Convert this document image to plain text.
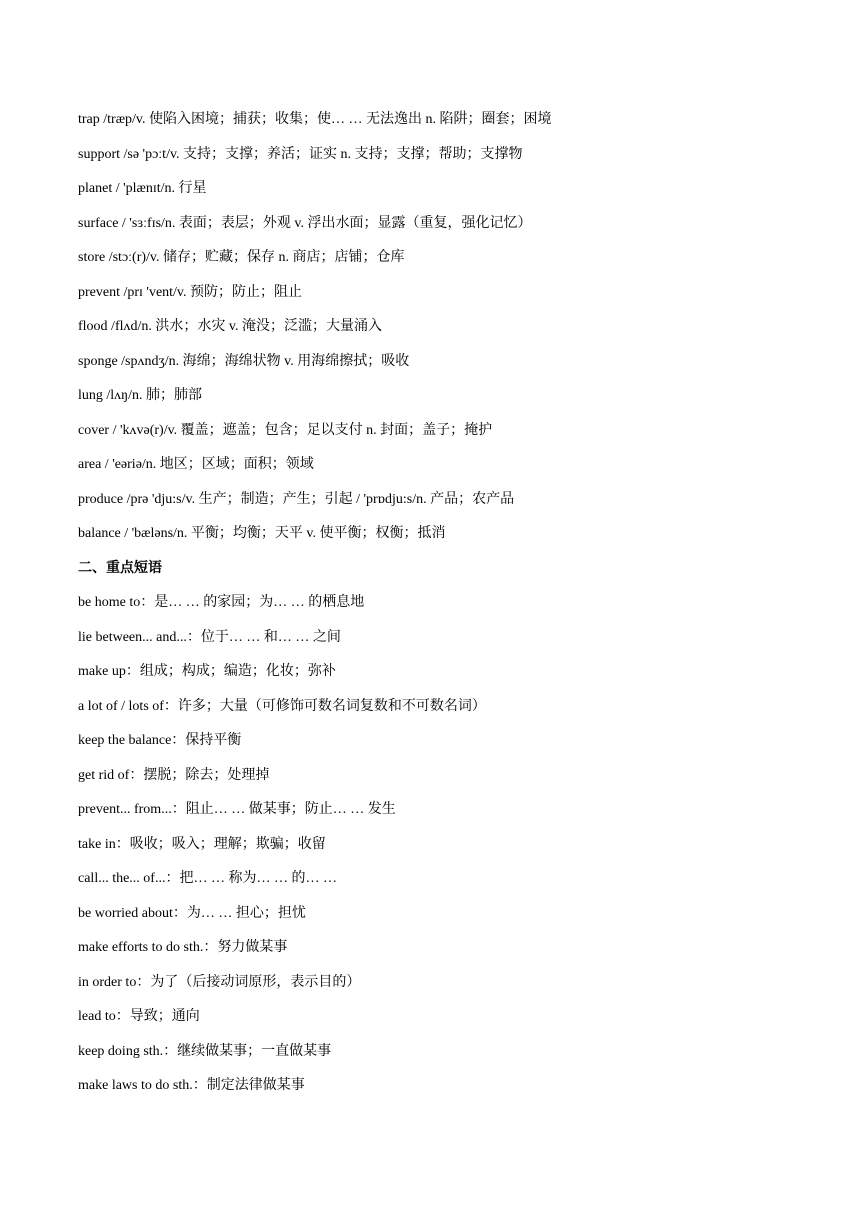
trap /træp/v. 使陷入困境；捕获；收集；使… … 无法逸出 n. 陷阱；圈套；困境
support /sə 'pɔːt/v. 支持；支撑；养活；证实 n. 支持；支撑；帮助；支撑物
planet / 'plænɪt/n. 行星
surface / 'sɜːfɪs/n. 表面；表层；外观 v. 浮出水面；显露（重复，强化记忆）
store /stɔː(r)/v. 储存；贮藏；保存 n. 商店；店铺；仓库
prevent /prɪ 'vent/v. 预防；防止；阻止
flood /flʌd/n. 洪水；水灾 v. 淹没；泛滥；大量涌入
sponge /spʌndʒ/n. 海绵；海绵状物 v. 用海绵擦拭；吸收
lung /lʌŋ/n. 肺；肺部
cover / 'kʌvə(r)/v. 覆盖；遮盖；包含；足以支付 n. 封面；盖子；掩护
area / 'eəriə/n. 地区；区域；面积；领域
produce /prə 'dju:s/v. 生产；制造；产生；引起 / 'prɒdju:s/n. 产品；农产品
balance / 'bæləns/n. 平衡；均衡；天平 v. 使平衡；权衡；抵消
二、重点短语
be home to：是… … 的家园；为… … 的栖息地
lie between... and...：位于… … 和… … 之间
make up：组成；构成；编造；化妆；弥补
a lot of / lots of：许多；大量（可修饰可数名词复数和不可数名词）
keep the balance：保持平衡
get rid of：摆脱；除去；处理掉
prevent... from...：阻止… … 做某事；防止… … 发生
take in：吸收；吸入；理解；欺骗；收留
call... the... of...：把… … 称为… … 的… …
be worried about：为… … 担心；担忧
make efforts to do sth.：努力做某事
in order to：为了（后接动词原形，表示目的）
lead to：导致；通向
keep doing sth.：继续做某事；一直做某事
make laws to do sth.：制定法律做某事
